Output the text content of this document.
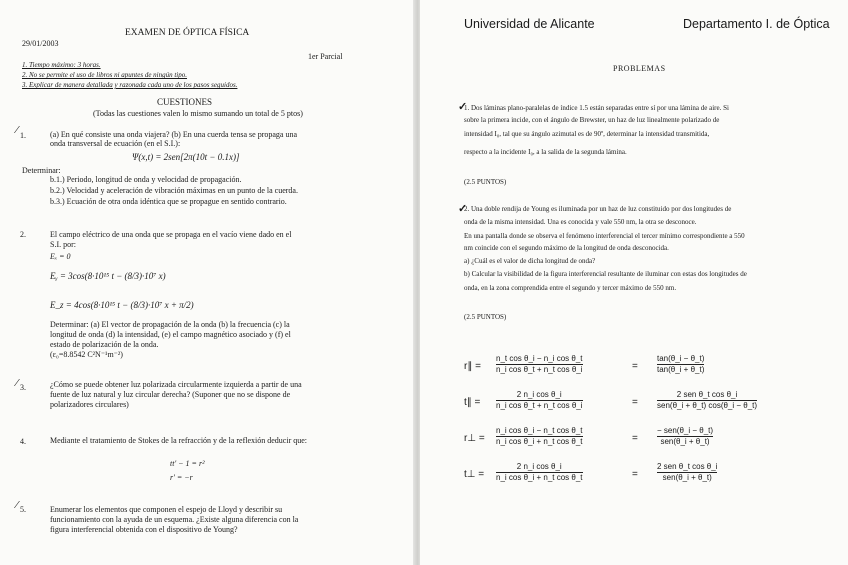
29/01/2003
EXAMEN DE ÓPTICA FÍSICA
1er Parcial
1. Tiempo máximo: 3 horas.
2. No se permite el uso de libros ni apuntes de ningún tipo.
3. Explicar de manera detallada y razonada cada uno de los pasos seguidos.
CUESTIONES
(Todas las cuestiones valen lo mismo sumando un total de 5 ptos)
1.	(a) En qué consiste una onda viajera? (b) En una cuerda tensa se propaga una
onda transversal de ecuación (en el S.I.):
Ψ(x,t) = 2sen[2π(10t − 0.1x)]
Determinar:
b.1.) Periodo, longitud de onda y velocidad de propagación.
b.2.) Velocidad y aceleración de vibración máximas en un punto de la cuerda.
b.3.) Ecuación de otra onda idéntica que se propague en sentido contrario.
2.	El campo eléctrico de una onda que se propaga en el vacío viene dado en el
S.I. por:
Eₓ = 0
Eᵧ = 3cos(8·10¹⁵ t − (8/3)·10⁷ x)
E_z = 4cos(8·10¹⁵ t − (8/3)·10⁷ x + π/2)
Determinar: (a) El vector de propagación de la onda (b) la frecuencia (c) la
longitud de onda (d) la intensidad, (e) el campo magnético asociado y (f) el
estado de polarización de la onda.
(ε₀=8.8542 C²N⁻¹m⁻²)
3.	¿Cómo se puede obtener luz polarizada circularmente izquierda a partir de una
fuente de luz natural y luz circular derecha? (Suponer que no se dispone de
polarizadores circulares)
4.	Mediante el tratamiento de Stokes de la refracción y de la reflexión deducir que:
tt' − 1 = r²
r' = −r
5.	Enumerar los elementos que componen el espejo de Lloyd y describir su
funcionamiento con la ayuda de un esquema. ¿Existe alguna diferencia con la
figura interferencial obtenida con el dispositivo de Young?
⁄
⁄
⁄
Universidad de Alicante	Departamento I. de Óptica
PROBLEMAS
✓
1. Dos láminas plano-paralelas de índice 1.5 están separadas entre sí por una lámina de aire. Si
sobre la primera incide, con el ángulo de Brewster, un haz de luz linealmente polarizado de
intensidad I₀, tal que su ángulo azimutal es de 90º, determinar la intensidad transmitida,
respecto a la incidente I₀, a la salida de la segunda lámina.
(2.5 PUNTOS)
✓
2. Una doble rendija de Young es iluminada por un haz de luz constituido por dos longitudes de
onda de la misma intensidad. Una es conocida y vale 550 nm, la otra se desconoce.
En una pantalla donde se observa el fenómeno interferencial el tercer mínimo correspondiente a 550
nm coincide con el segundo máximo de la longitud de onda desconocida.
a) ¿Cuál es el valor de dicha longitud de onda?
b) Calcular la visibilidad de la figura interferencial resultante de iluminar con estas dos longitudes de
onda, en la zona comprendida entre el segundo y tercer máximo de 550 nm.
(2.5 PUNTOS)
r∥ =
n_t cos θ_i − n_i cos θ_t
n_i cos θ_t + n_t cos θ_i	=
tan(θ_i − θ_t)
tan(θ_i + θ_t)
t∥ =
2 n_i cos θ_i
n_i cos θ_t + n_t cos θ_i	=
2 sen θ_t cos θ_i
sen(θ_i + θ_t) cos(θ_i − θ_t)
r⊥ =
n_i cos θ_i − n_t cos θ_t
n_i cos θ_i + n_t cos θ_t	=
− sen(θ_i − θ_t)
sen(θ_i + θ_t)
t⊥ =
2 n_i cos θ_i
n_i cos θ_i + n_t cos θ_t	=
2 sen θ_t cos θ_i
sen(θ_i + θ_t)
